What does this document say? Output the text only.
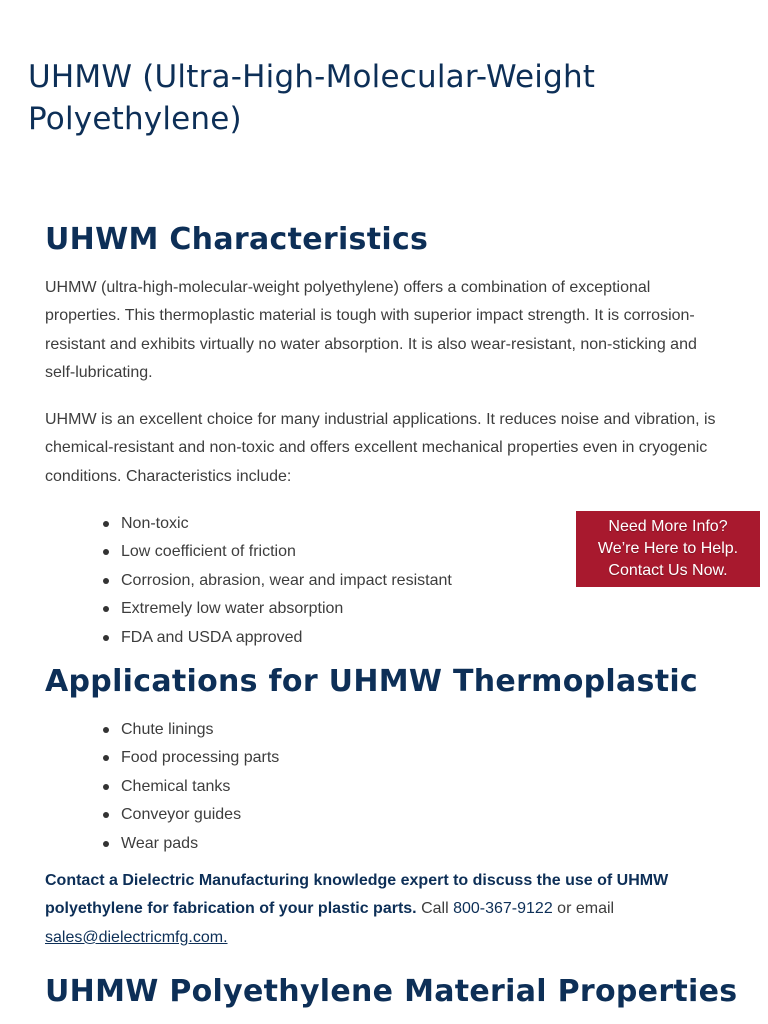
UHMW (Ultra-High-Molecular-Weight Polyethylene)
UHWM Characteristics

UHMW (ultra-high-molecular-weight polyethylene) offers a combination of exceptional properties. This thermoplastic material is tough with superior impact strength. It is corrosion-resistant and exhibits virtually no water absorption. It is also wear-resistant, non-sticking and self-lubricating.

UHMW is an excellent choice for many industrial applications. It reduces noise and vibration, is chemical-resistant and non-toxic and offers excellent mechanical properties even in cryogenic conditions. Characteristics include:

Non-toxic
Low coefficient of friction
Corrosion, abrasion, wear and impact resistant
Extremely low water absorption
FDA and USDA approved
Need More Info?
We’re Here to Help.
Contact Us Now.
Applications for UHMW Thermoplastic
Chute linings
Food processing parts
Chemical tanks
Conveyor guides
Wear pads

Contact a Dielectric Manufacturing knowledge expert to discuss the use of UHMW polyethylene for fabrication of your plastic parts. Call 800-367-9122 or email
sales@dielectricmfg.com.

UHMW Polyethylene Material Properties
